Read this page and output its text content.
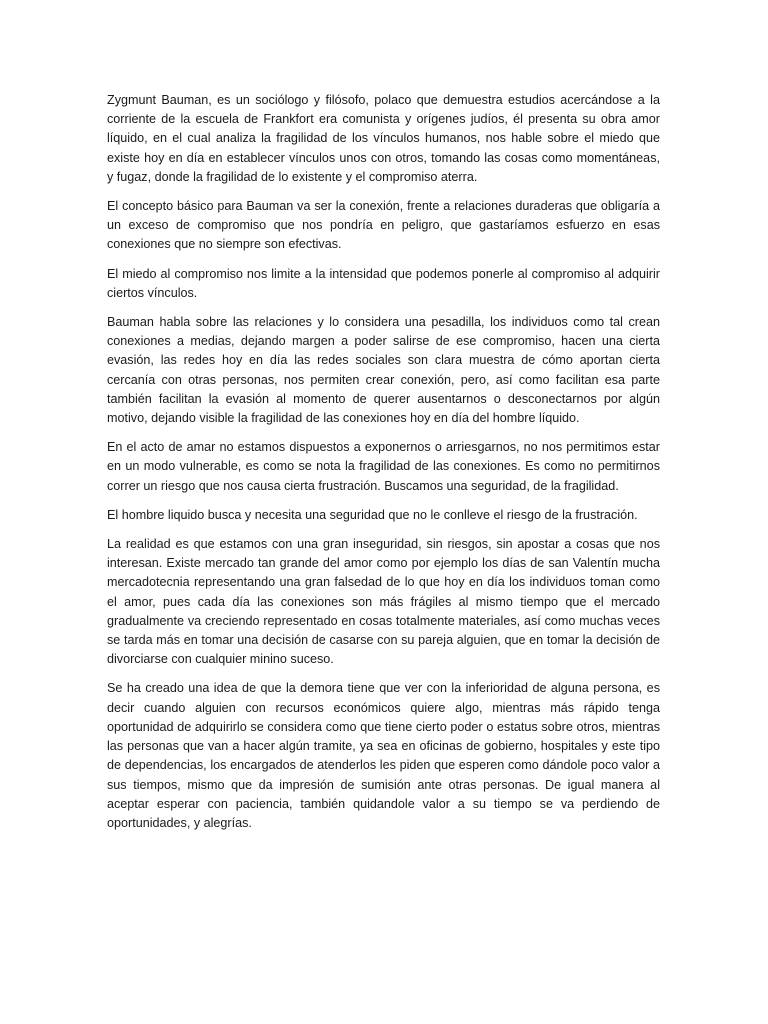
Zygmunt Bauman, es un sociólogo y filósofo, polaco que demuestra estudios acercándose a la corriente de la escuela de Frankfort era comunista y orígenes judíos, él presenta su obra amor líquido, en el cual analiza la fragilidad de los vínculos humanos, nos hable sobre el miedo que existe hoy en día en establecer vínculos unos con otros, tomando las cosas como momentáneas, y fugaz, donde la fragilidad de lo existente y el compromiso aterra.

El concepto básico para Bauman va ser la conexión, frente a relaciones duraderas que obligaría a un exceso de compromiso que nos pondría en peligro, que gastaríamos esfuerzo en esas conexiones que no siempre son efectivas.

El miedo al compromiso nos limite a la intensidad que podemos ponerle al compromiso al adquirir ciertos vínculos.

Bauman habla sobre las relaciones y lo considera una pesadilla, los individuos como tal crean conexiones a medias, dejando margen a poder salirse de ese compromiso, hacen una cierta evasión, las redes hoy en día las redes sociales son clara muestra de cómo aportan cierta cercanía con otras personas, nos permiten crear conexión, pero, así como facilitan esa parte también facilitan la evasión al momento de querer ausentarnos o desconectarnos por algún motivo, dejando visible la fragilidad de las conexiones hoy en día del hombre líquido.

En el acto de amar no estamos dispuestos a exponernos o arriesgarnos, no nos permitimos estar en un modo vulnerable, es como se nota la fragilidad de las conexiones. Es como no permitirnos correr un riesgo que nos causa cierta frustración. Buscamos una seguridad, de la fragilidad.

El hombre liquido busca y necesita una seguridad que no le conlleve el riesgo de la frustración.

La realidad es que estamos con una gran inseguridad, sin riesgos, sin apostar a cosas que nos interesan. Existe mercado tan grande del amor como por ejemplo los días de san Valentín mucha mercadotecnia representando una gran falsedad de lo que hoy en día los individuos toman como el amor, pues cada día las conexiones son más frágiles al mismo tiempo que el mercado gradualmente va creciendo representado en cosas totalmente materiales, así como muchas veces se tarda más en tomar una decisión de casarse con su pareja alguien, que en tomar la decisión de divorciarse con cualquier minino suceso.

Se ha creado una idea de que la demora tiene que ver con la inferioridad de alguna persona, es decir cuando alguien con recursos económicos quiere algo, mientras más rápido tenga oportunidad de adquirirlo se considera como que tiene cierto poder o estatus sobre otros, mientras las personas que van a hacer algún tramite, ya sea en oficinas de gobierno, hospitales y este tipo de dependencias, los encargados de atenderlos les piden que esperen como dándole poco valor a sus tiempos, mismo que da impresión de sumisión ante otras personas. De igual manera al aceptar esperar con paciencia, también quidandole valor a su tiempo se va perdiendo de oportunidades, y alegrías.
